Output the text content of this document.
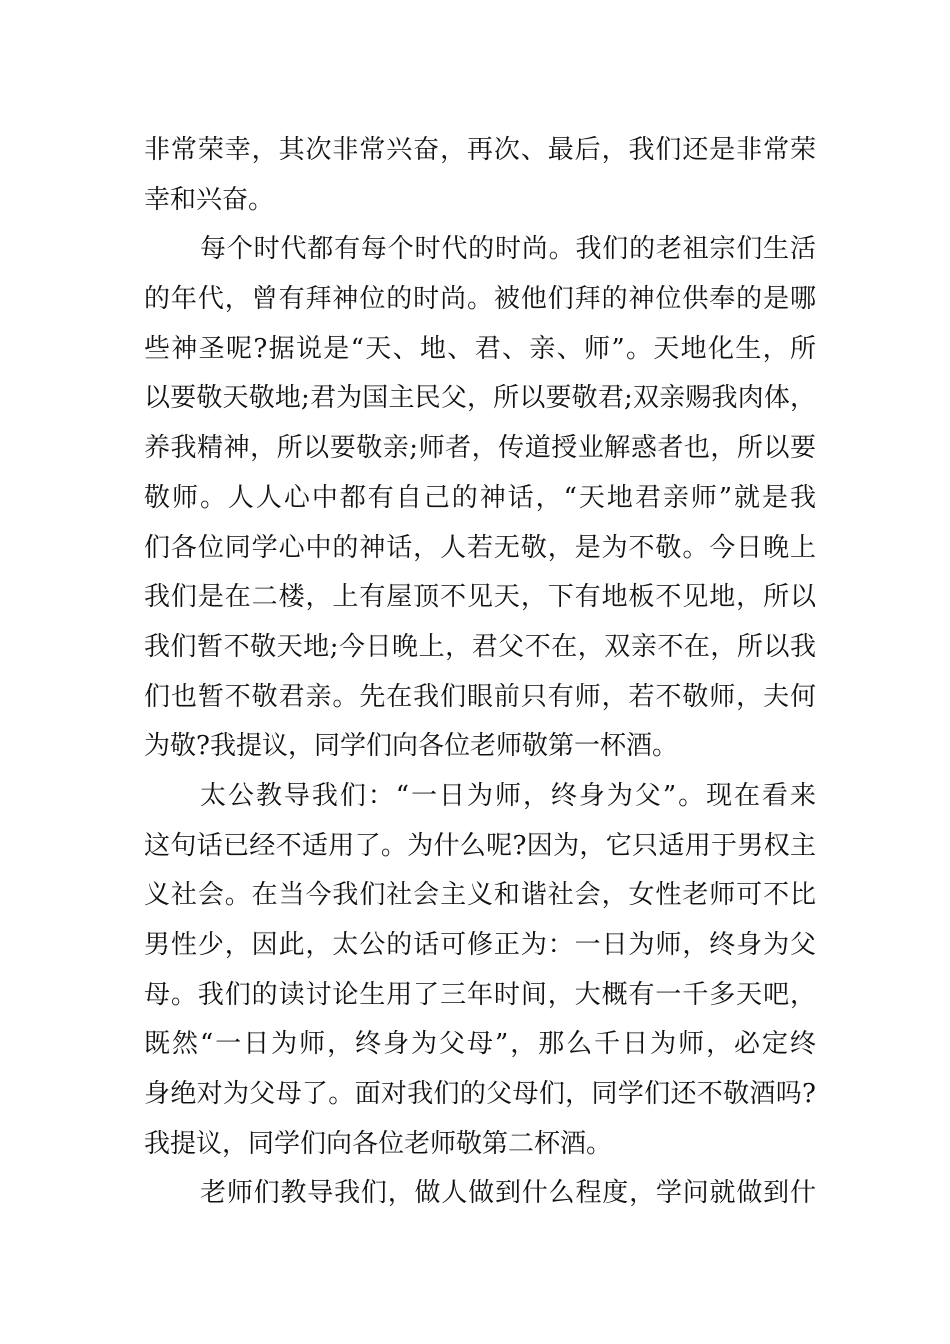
非常荣幸，其次非常兴奋，再次、最后，我们还是非常荣
幸和兴奋。

每个时代都有每个时代的时尚。我们的老祖宗们生活
的年代，曾有拜神位的时尚。被他们拜的神位供奉的是哪
些神圣呢?据说是“天、地、君、亲、师”。天地化生，所
以要敬天敬地;君为国主民父，所以要敬君;双亲赐我肉体，
养我精神，所以要敬亲;师者，传道授业解惑者也，所以要
敬师。人人心中都有自己的神话，“天地君亲师”就是我
们各位同学心中的神话，人若无敬，是为不敬。今日晚上
我们是在二楼，上有屋顶不见天，下有地板不见地，所以
我们暂不敬天地;今日晚上，君父不在，双亲不在，所以我
们也暂不敬君亲。先在我们眼前只有师，若不敬师，夫何
为敬?我提议，同学们向各位老师敬第一杯酒。

太公教导我们：“一日为师，终身为父”。现在看来
这句话已经不适用了。为什么呢?因为，它只适用于男权主
义社会。在当今我们社会主义和谐社会，女性老师可不比
男性少，因此，太公的话可修正为：一日为师，终身为父
母。我们的读讨论生用了三年时间，大概有一千多天吧，
既然“一日为师，终身为父母”，那么千日为师，必定终
身绝对为父母了。面对我们的父母们，同学们还不敬酒吗?
我提议，同学们向各位老师敬第二杯酒。

老师们教导我们，做人做到什么程度，学问就做到什
